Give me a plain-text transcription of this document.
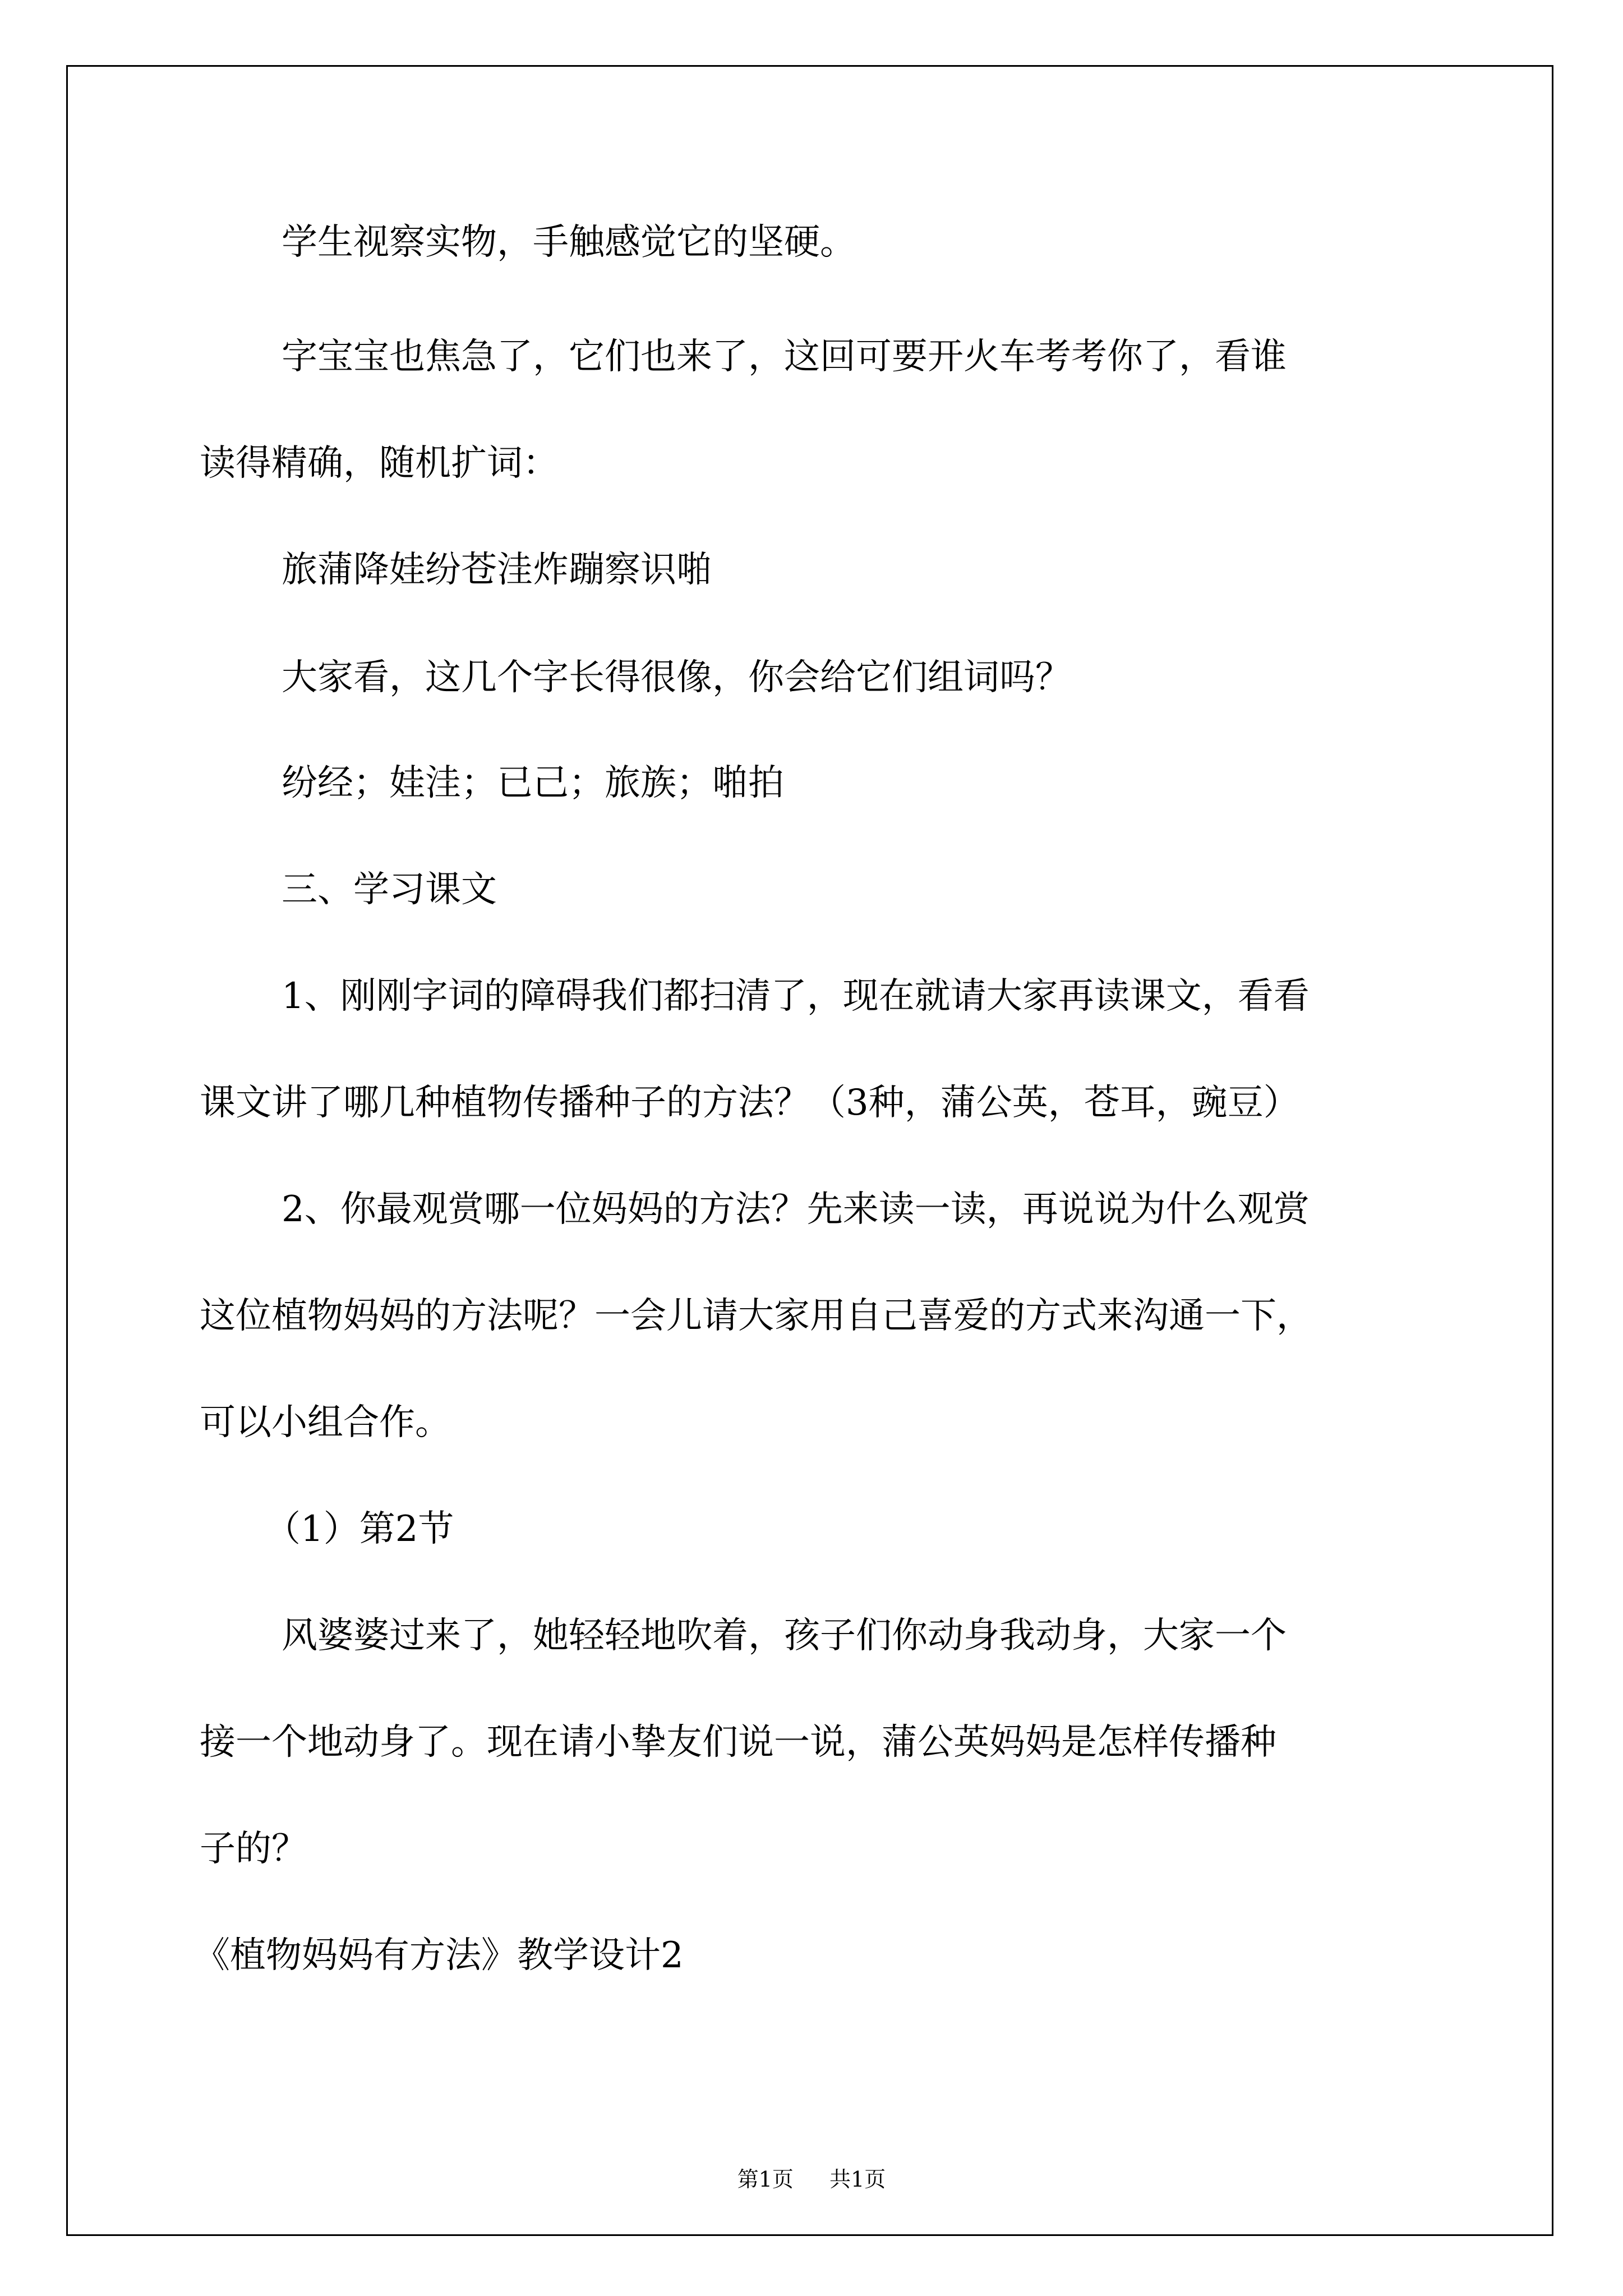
学生视察实物，手触感觉它的坚硬。
字宝宝也焦急了，它们也来了，这回可要开火车考考你了，看谁
读得精确，随机扩词：
旅蒲降娃纷苍洼炸蹦察识啪
大家看，这几个字长得很像，你会给它们组词吗？
纷经；娃洼；已己；旅族；啪拍
三、学习课文
1、刚刚字词的障碍我们都扫清了，现在就请大家再读课文，看看
课文讲了哪几种植物传播种子的方法？（3种，蒲公英，苍耳，豌豆）
2、你最观赏哪一位妈妈的方法？先来读一读，再说说为什么观赏
这位植物妈妈的方法呢？一会儿请大家用自己喜爱的方式来沟通一下，
可以小组合作。
（1）第2节
风婆婆过来了，她轻轻地吹着，孩子们你动身我动身，大家一个
接一个地动身了。现在请小挚友们说一说，蒲公英妈妈是怎样传播种
子的？
《植物妈妈有方法》教学设计2
第1页 共1页
